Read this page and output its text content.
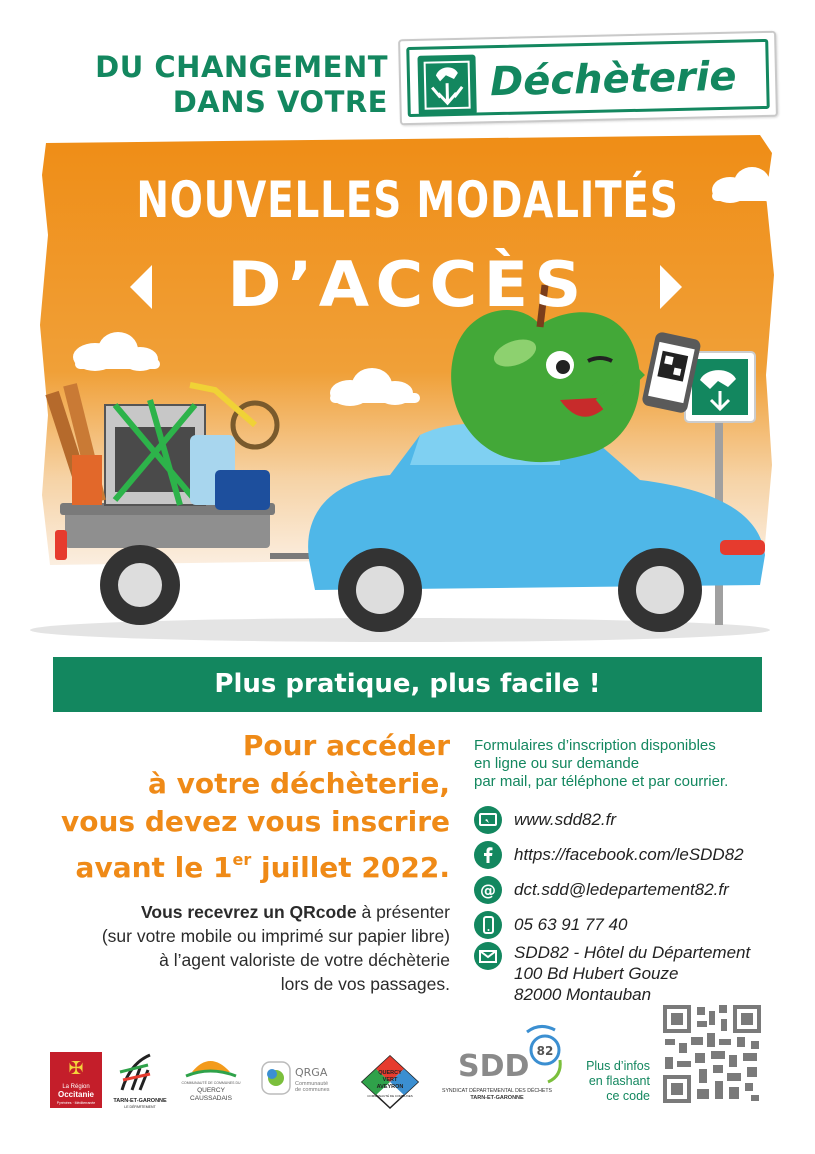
DU CHANGEMENT
DANS VOTRE	Déchèterie
NOUVELLES MODALITÉS
D’ACCÈS
Plus pratique, plus facile !
Pour accéder
à votre déchèterie,
vous devez vous inscrire
avant le 1er juillet 2022.
Vous recevrez un QRcode à présenter
(sur votre mobile ou imprimé sur papier libre)
à l’agent valoriste de votre déchèterie
lors de vos passages.
Formulaires d’inscription disponibles
en ligne ou sur demande
par mail, par téléphone et par courrier.
www.sdd82.fr
https://facebook.com/leSDD82
@ dct.sdd@ledepartement82.fr
05 63 91 77 40
SDD82 - Hôtel du Département
100 Bd Hubert Gouze
82000 Montauban
✠
La Région
Occitanie
Pyrénées · Méditerranée	TARN-ET-GARONNE
LE DÉPARTEMENT
COMMUNAUTÉ DE COMMUNES DU
QUERCY
CAUSSADAIS
QRGA
Communauté
de communes
QUERCY
VERT
AVEYRON
COMMUNAUTÉ DE COMMUNES
SDD 82
SYNDICAT DÉPARTEMENTAL DES DÉCHETS
TARN-ET-GARONNE
Plus d’infos
en flashant
ce code
